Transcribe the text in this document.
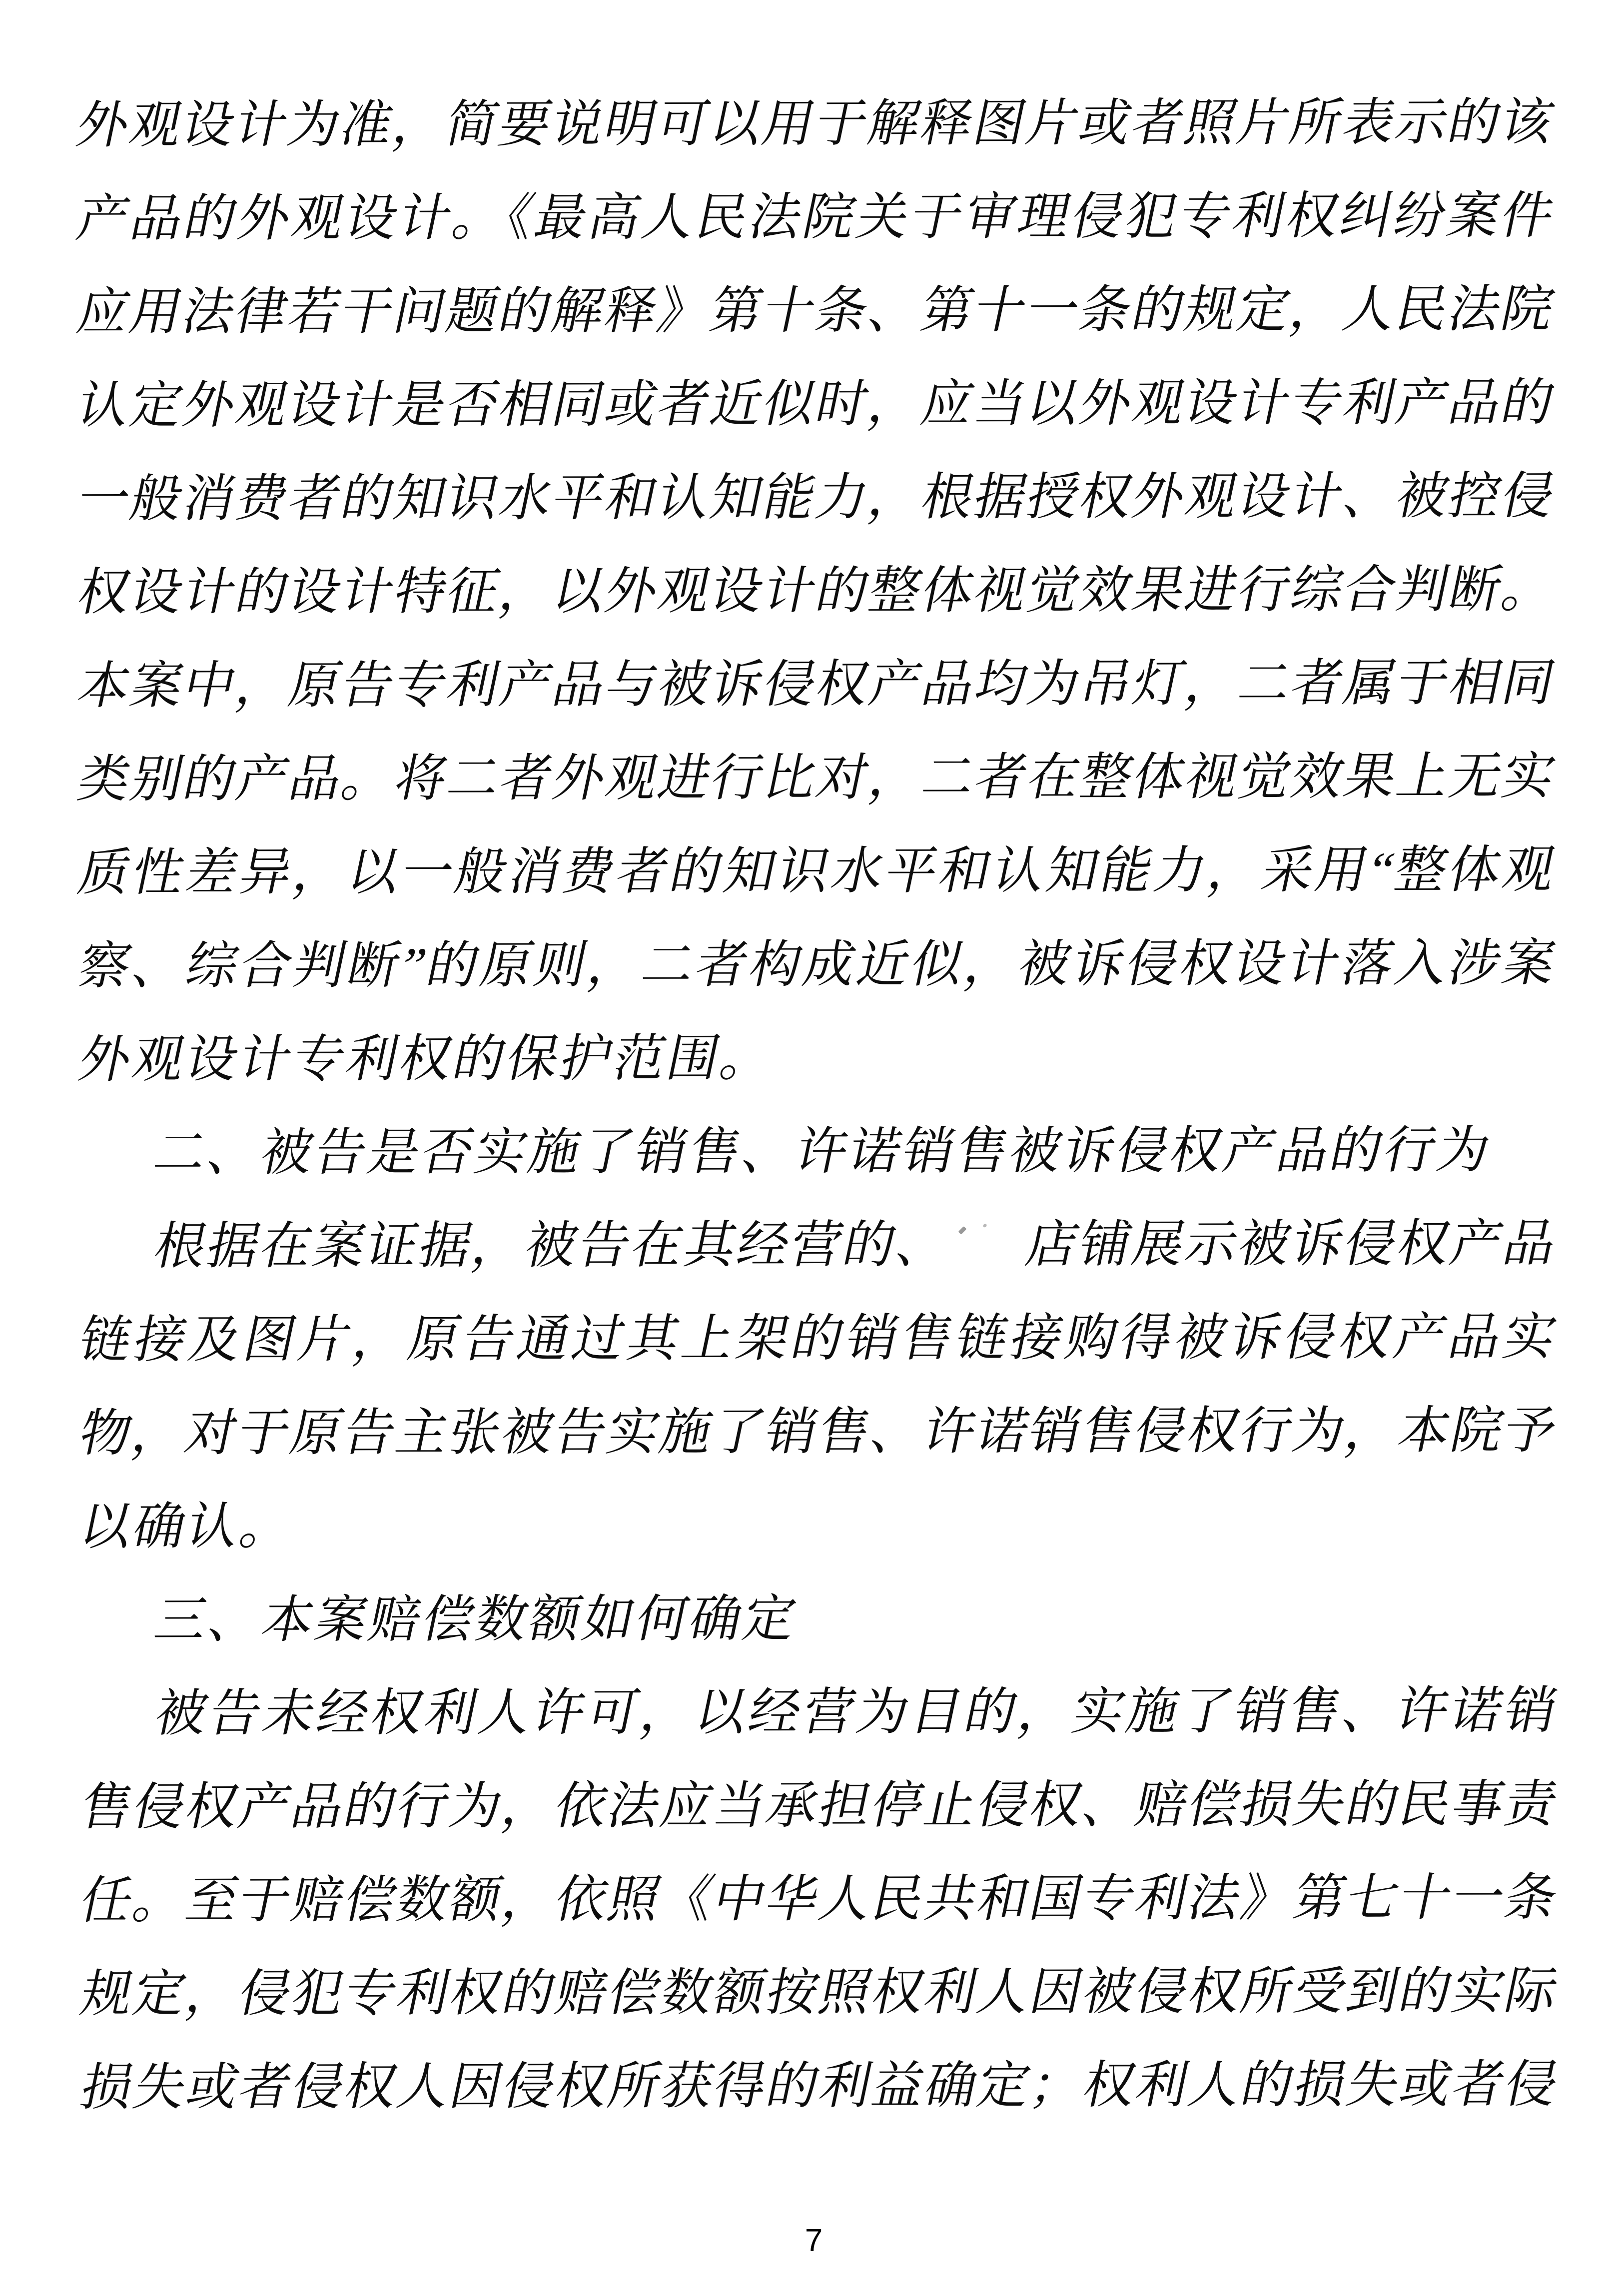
外观设计为准，简要说明可以用于解释图片或者照片所表示的该
产品的外观设计。《最高人民法院关于审理侵犯专利权纠纷案件
应用法律若干问题的解释》第十条、第十一条的规定，人民法院
认定外观设计是否相同或者近似时，应当以外观设计专利产品的
一般消费者的知识水平和认知能力，根据授权外观设计、被控侵
权设计的设计特征，以外观设计的整体视觉效果进行综合判断。
本案中，原告专利产品与被诉侵权产品均为吊灯，二者属于相同
类别的产品。将二者外观进行比对，二者在整体视觉效果上无实
质性差异，以一般消费者的知识水平和认知能力，采用“整体观
察、综合判断”的原则，二者构成近似，被诉侵权设计落入涉案
外观设计专利权的保护范围。
二、被告是否实施了销售、许诺销售被诉侵权产品的行为
根据在案证据，被告在其经营的、 店铺展示被诉侵权产品
链接及图片，原告通过其上架的销售链接购得被诉侵权产品实
物，对于原告主张被告实施了销售、许诺销售侵权行为，本院予
以确认。
三、本案赔偿数额如何确定
被告未经权利人许可，以经营为目的，实施了销售、许诺销
售侵权产品的行为，依法应当承担停止侵权、赔偿损失的民事责
任。至于赔偿数额，依照《中华人民共和国专利法》第七十一条
规定，侵犯专利权的赔偿数额按照权利人因被侵权所受到的实际
损失或者侵权人因侵权所获得的利益确定；权利人的损失或者侵
7
